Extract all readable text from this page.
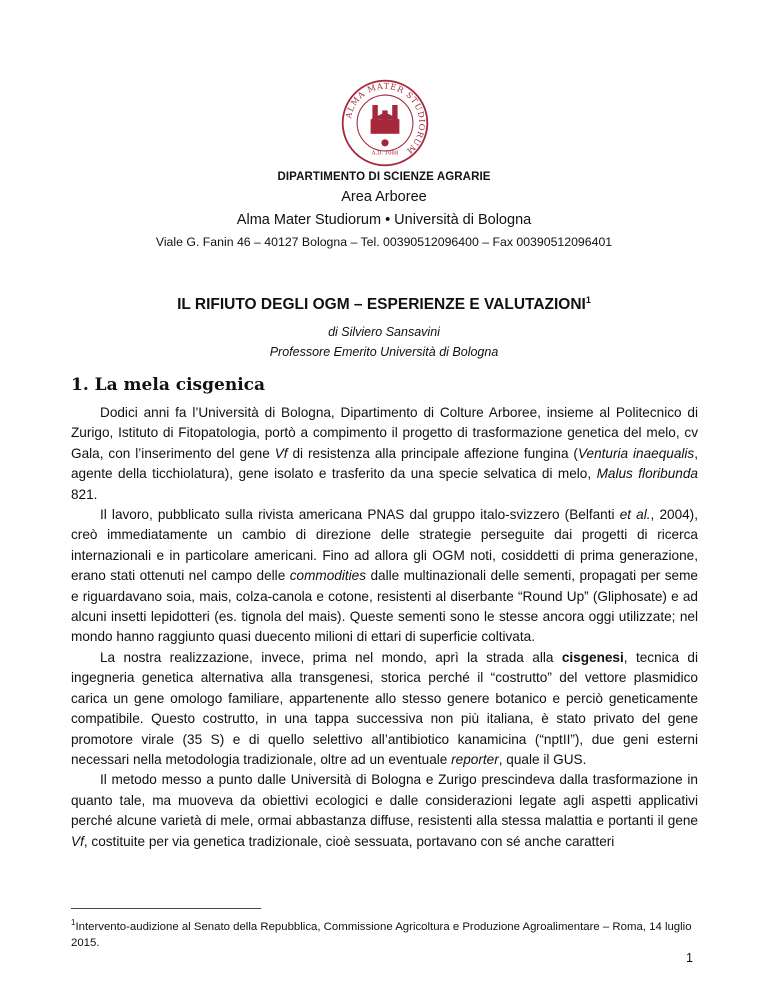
ALMA MATER STUDIORUM
A.D. 1088
DIPARTIMENTO DI SCIENZE AGRARIE
Area Arboree
Alma Mater Studiorum • Università di Bologna
Viale G. Fanin 46 – 40127 Bologna – Tel. 00390512096400 – Fax 00390512096401
IL RIFIUTO DEGLI OGM – ESPERIENZE E VALUTAZIONI$^1$
di Silviero Sansavini
Professore Emerito Università di Bologna
1. La mela cisgenica

Dodici anni fa l’Università di Bologna, Dipartimento di Colture Arboree, insieme al Politecnico di Zurigo, Istituto di Fitopatologia, portò a compimento il progetto di trasformazione genetica del melo, cv Gala, con l’inserimento del gene Vf di resistenza alla principale affezione fungina (Venturia inaequalis, agente della ticchiolatura), gene isolato e trasferito da una specie selvatica di melo, Malus floribunda 821.

Il lavoro, pubblicato sulla rivista americana PNAS dal gruppo italo-svizzero (Belfanti et al., 2004), creò immediatamente un cambio di direzione delle strategie perseguite dai progetti di ricerca internazionali e in particolare americani. Fino ad allora gli OGM noti, cosiddetti di prima generazione, erano stati ottenuti nel campo delle commodities dalle multinazionali delle sementi, propagati per seme e riguardavano soia, mais, colza-canola e cotone, resistenti al diserbante “Round Up” (Gliphosate) e ad alcuni insetti lepidotteri (es. tignola del mais). Queste sementi sono le stesse ancora oggi utilizzate; nel mondo hanno raggiunto quasi duecento milioni di ettari di superficie coltivata.

La nostra realizzazione, invece, prima nel mondo, aprì la strada alla cisgenesi, tecnica di ingegneria genetica alternativa alla transgenesi, storica perché il “costrutto” del vettore plasmidico carica un gene omologo familiare, appartenente allo stesso genere botanico e perciò geneticamente compatibile. Questo costrutto, in una tappa successiva non più italiana, è stato privato del gene promotore virale (35 S) e di quello selettivo all’antibiotico kanamicina (“nptII”), due geni esterni necessari nella metodologia tradizionale, oltre ad un eventuale reporter, quale il GUS.

Il metodo messo a punto dalle Università di Bologna e Zurigo prescindeva dalla trasformazione in quanto tale, ma muoveva da obiettivi ecologici e dalle considerazioni legate agli aspetti applicativi perché alcune varietà di mele, ormai abbastanza diffuse, resistenti alla stessa malattia e portanti il gene Vf, costituite per via genetica tradizionale, cioè sessuata, portavano con sé anche caratteri

$^1$Intervento-audizione al Senato della Repubblica, Commissione Agricoltura e Produzione Agroalimentare – Roma, 14 luglio 2015.
1
